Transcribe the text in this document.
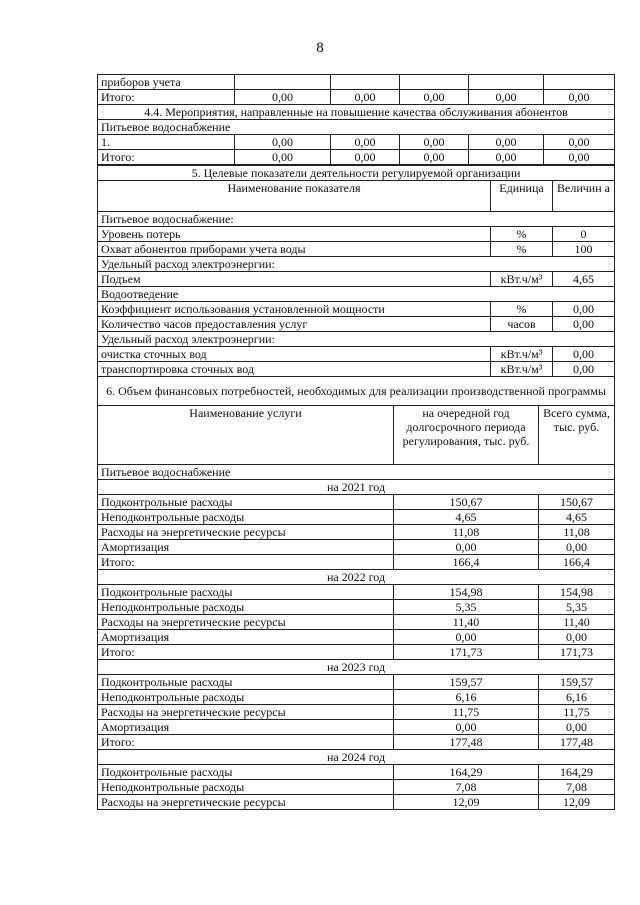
8
приборов учета					
Итого:	0,00	0,00	0,00	0,00	0,00
4.4. Мероприятия, направленные на повышение качества обслуживания абонентов					
Питьевое водоснабжение					
1.	0,00	0,00	0,00	0,00	0,00
Итого:	0,00	0,00	0,00	0,00	0,00
5. Целевые показатели деятельности регулируемой организации		
Наименование показателя	Единица	Величин а
Питьевое водоснабжение:		
Уровень потерь	%	0
Охват абонентов приборами учета воды	%	100
Удельный расход электроэнергии:		
Подъем	кВт.ч/м³	4,65
Водоотведение		
Коэффициент использования установленной мощности	%	0,00
Количество часов предоставления услуг	часов	0,00
Удельный расход электроэнергии:		
очистка сточных вод	кВт.ч/м³	0,00
транспортировка сточных вод	кВт.ч/м³	0,00
6. Объем финансовых потребностей, необходимых для реализации производственной программы		
Наименование услуги	на очередной год долгосрочного периода регулирования, тыс. руб.	Всего сумма, тыс. руб.
Питьевое водоснабжение		
на 2021 год		
Подконтрольные расходы	150,67	150,67
Неподконтрольные расходы	4,65	4,65
Расходы на энергетические ресурсы	11,08	11,08
Амортизация	0,00	0,00
Итого:	166,4	166,4
на 2022 год		
Подконтрольные расходы	154,98	154,98
Неподконтрольные расходы	5,35	5,35
Расходы на энергетические ресурсы	11,40	11,40
Амортизация	0,00	0,00
Итого:	171,73	171,73
на 2023 год		
Подконтрольные расходы	159,57	159,57
Неподконтрольные расходы	6,16	6,16
Расходы на энергетические ресурсы	11,75	11,75
Амортизация	0,00	0,00
Итого:	177,48	177,48
на 2024 год		
Подконтрольные расходы	164,29	164,29
Неподконтрольные расходы	7,08	7,08
Расходы на энергетические ресурсы	12,09	12,09
